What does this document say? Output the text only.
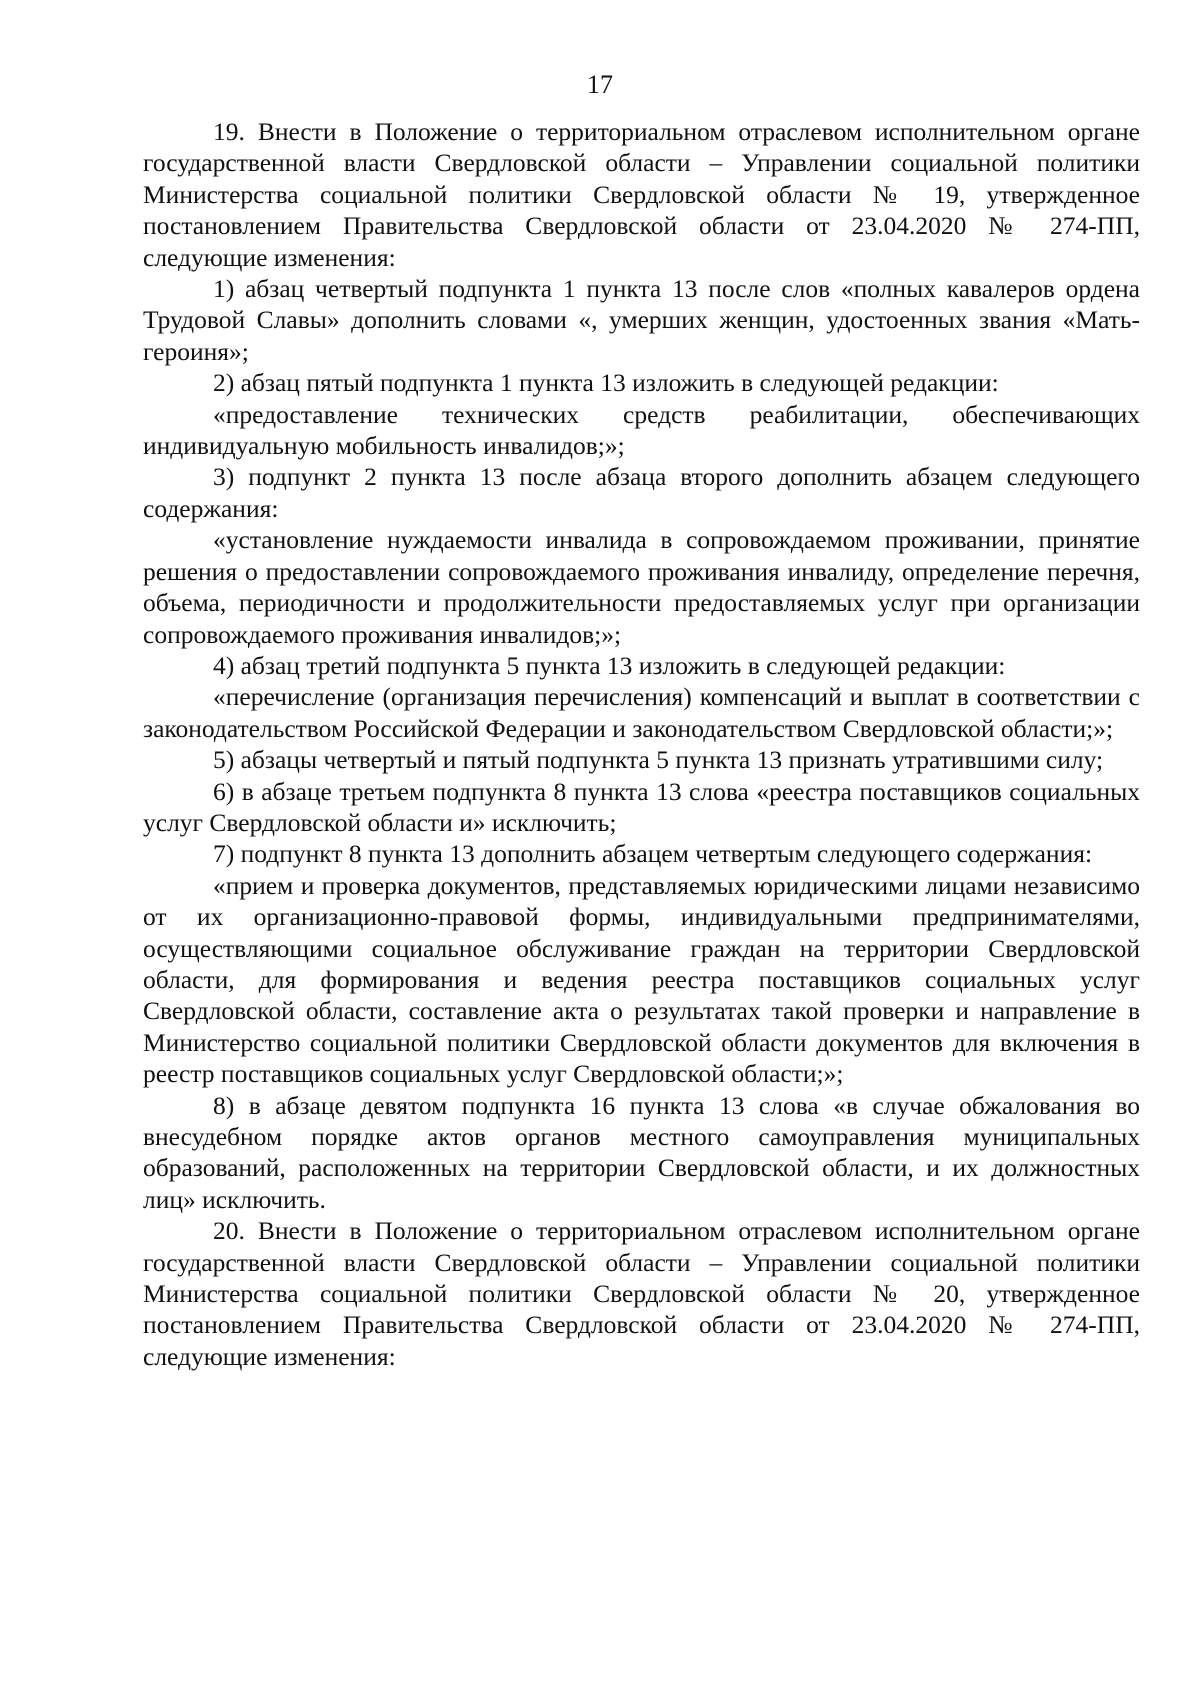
17

19. Внести в Положение о территориальном отраслевом исполнительном органе государственной власти Свердловской области – Управлении социальной политики Министерства социальной политики Свердловской области № 19, утвержденное постановлением Правительства Свердловской области от 23.04.2020 № 274-ПП, следующие изменения:

1) абзац четвертый подпункта 1 пункта 13 после слов «полных кавалеров ордена Трудовой Славы» дополнить словами «, умерших женщин, удостоенных звания «Мать-героиня»;

2) абзац пятый подпункта 1 пункта 13 изложить в следующей редакции:

«предоставление технических средств реабилитации, обеспечивающих индивидуальную мобильность инвалидов;»;

3) подпункт 2 пункта 13 после абзаца второго дополнить абзацем следующего содержания:

«установление нуждаемости инвалида в сопровождаемом проживании, принятие решения о предоставлении сопровождаемого проживания инвалиду, определение перечня, объема, периодичности и продолжительности предоставляемых услуг при организации сопровождаемого проживания инвалидов;»;

4) абзац третий подпункта 5 пункта 13 изложить в следующей редакции:

«перечисление (организация перечисления) компенсаций и выплат в соответствии с законодательством Российской Федерации и законодательством Свердловской области;»;

5) абзацы четвертый и пятый подпункта 5 пункта 13 признать утратившими силу;

6) в абзаце третьем подпункта 8 пункта 13 слова «реестра поставщиков социальных услуг Свердловской области и» исключить;

7) подпункт 8 пункта 13 дополнить абзацем четвертым следующего содержания:

«прием и проверка документов, представляемых юридическими лицами независимо от их организационно-правовой формы, индивидуальными предпринимателями, осуществляющими социальное обслуживание граждан на территории Свердловской области, для формирования и ведения реестра поставщиков социальных услуг Свердловской области, составление акта о результатах такой проверки и направление в Министерство социальной политики Свердловской области документов для включения в реестр поставщиков социальных услуг Свердловской области;»;

8) в абзаце девятом подпункта 16 пункта 13 слова «в случае обжалования во внесудебном порядке актов органов местного самоуправления муниципальных образований, расположенных на территории Свердловской области, и их должностных лиц» исключить.

20. Внести в Положение о территориальном отраслевом исполнительном органе государственной власти Свердловской области – Управлении социальной политики Министерства социальной политики Свердловской области № 20, утвержденное постановлением Правительства Свердловской области от 23.04.2020 № 274-ПП, следующие изменения:
